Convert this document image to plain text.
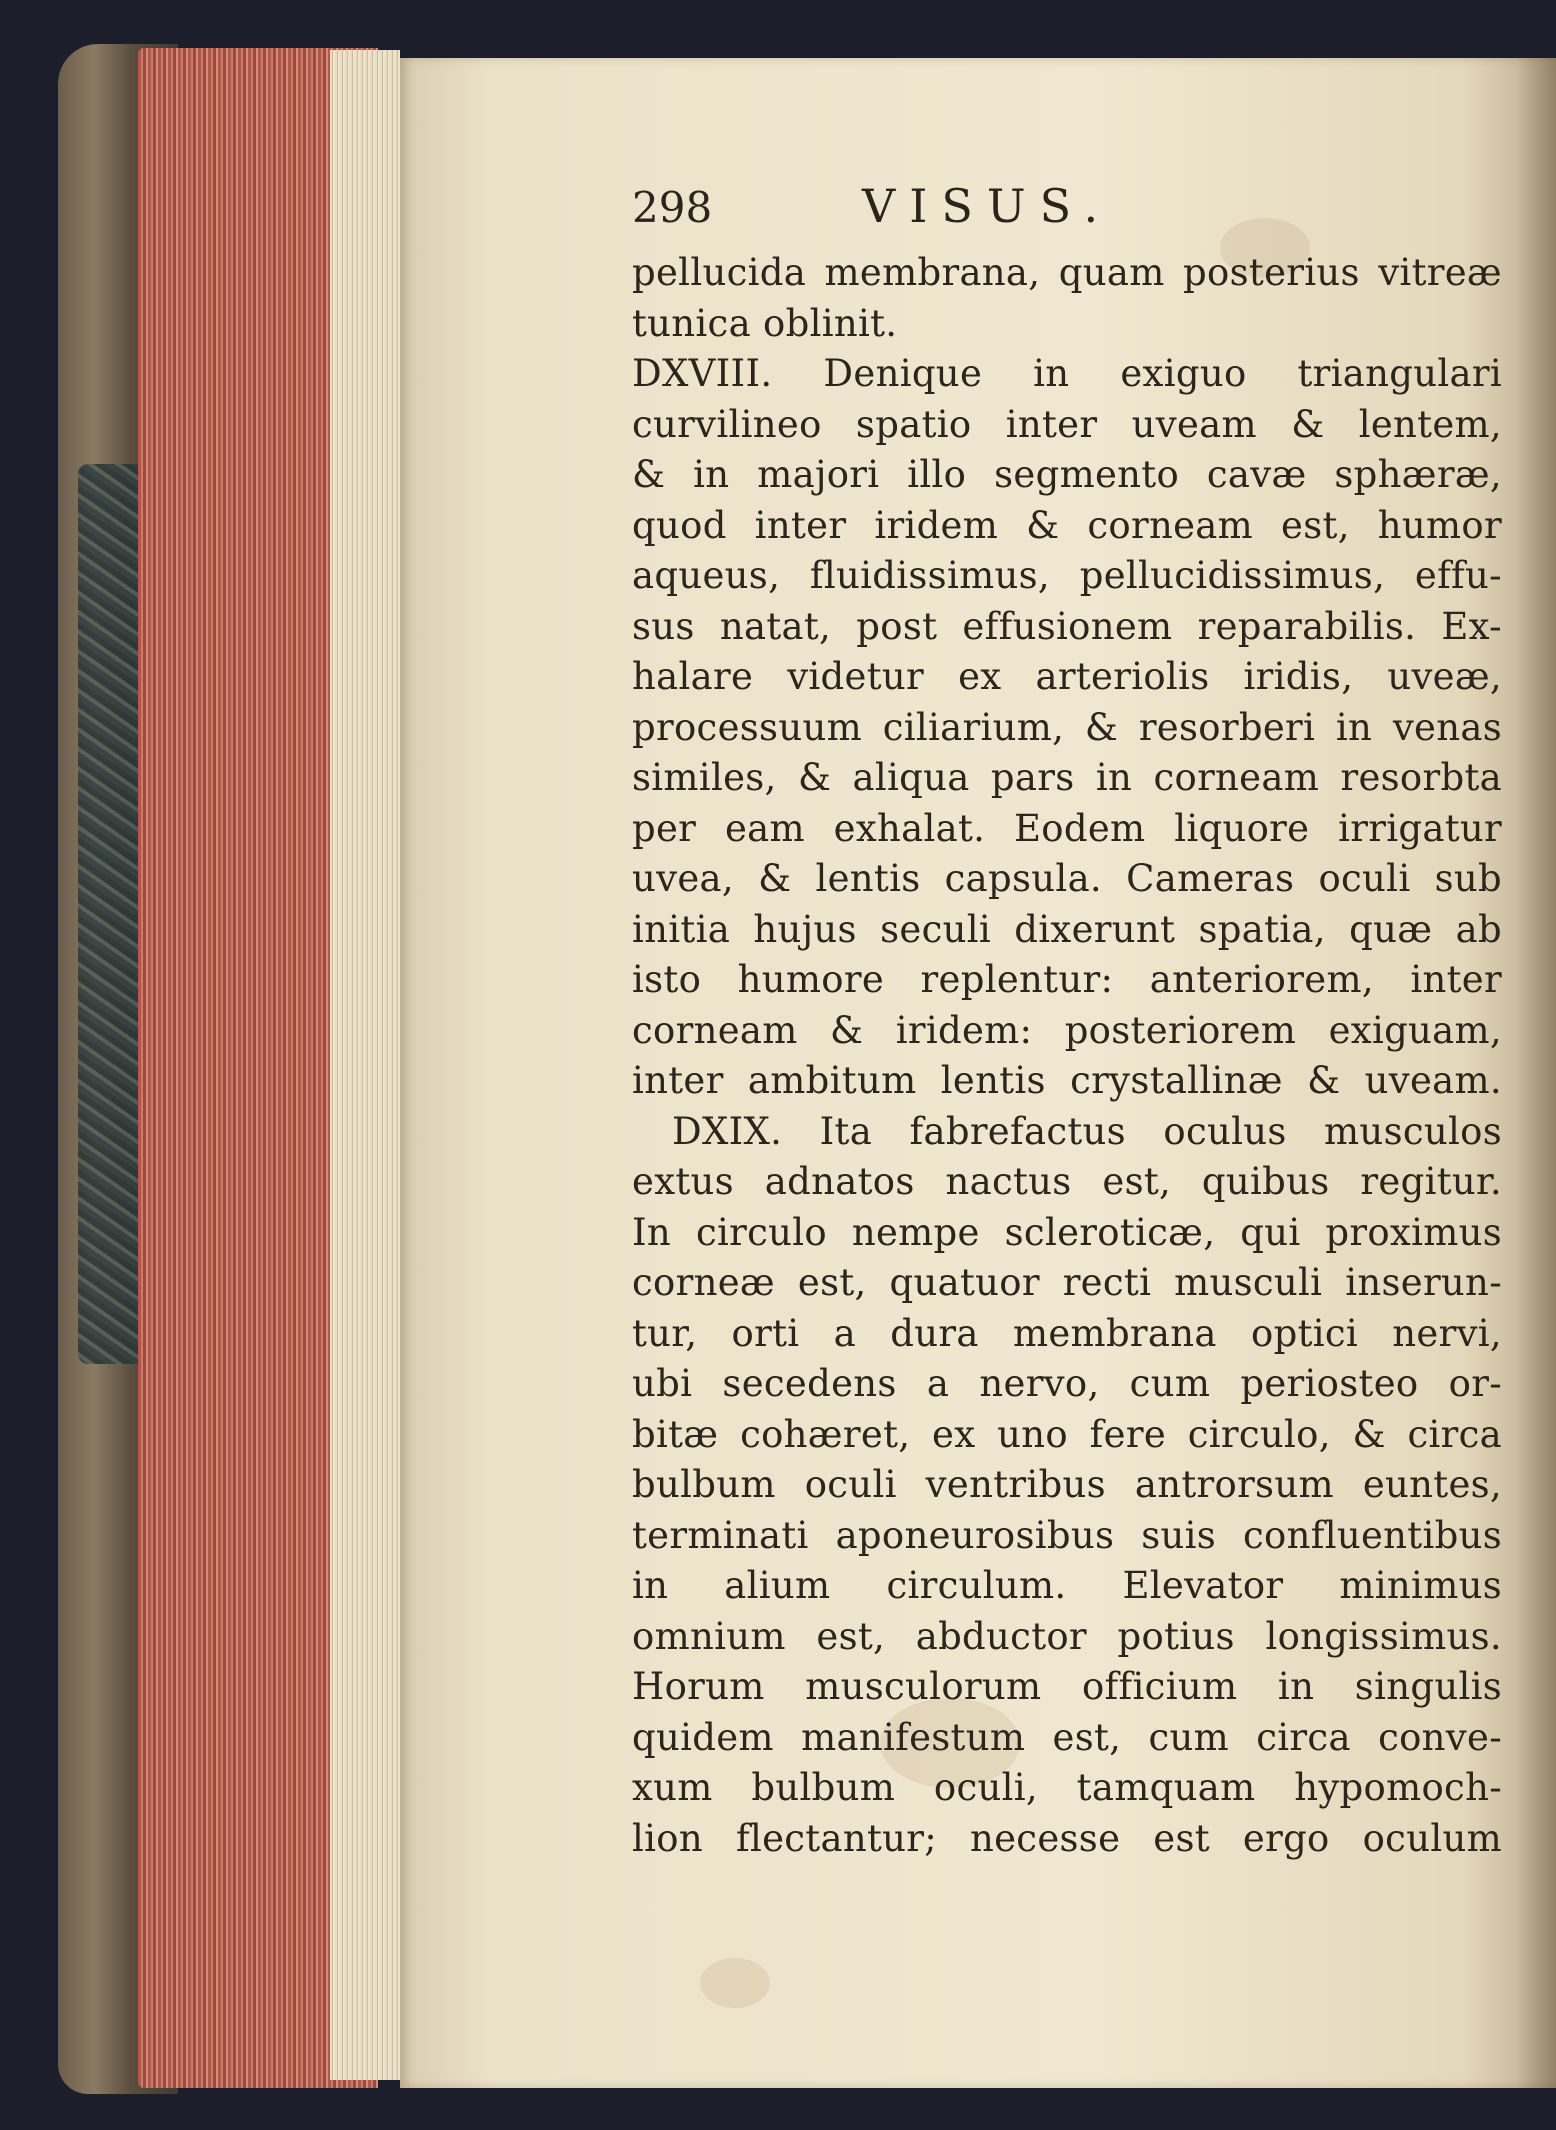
298	VISUS.
pellucida membrana, quam posterius vitreæ
tunica oblinit.
DXVIII. Denique in exiguo triangulari
curvilineo spatio inter uveam & lentem,
& in majori illo segmento cavæ sphæræ,
quod inter iridem & corneam est, humor
aqueus, fluidissimus, pellucidissimus, effu-
sus natat, post effusionem reparabilis. Ex-
halare videtur ex arteriolis iridis, uveæ,
processuum ciliarium, & resorberi in venas
similes, & aliqua pars in corneam resorbta
per eam exhalat. Eodem liquore irrigatur
uvea, & lentis capsula. Cameras oculi sub
initia hujus seculi dixerunt spatia, quæ ab
isto humore replentur: anteriorem, inter
corneam & iridem: posteriorem exiguam,
inter ambitum lentis crystallinæ & uveam.
DXIX. Ita fabrefactus oculus musculos
extus adnatos nactus est, quibus regitur.
In circulo nempe scleroticæ, qui proximus
corneæ est, quatuor recti musculi inserun-
tur, orti a dura membrana optici nervi,
ubi secedens a nervo, cum periosteo or-
bitæ cohæret, ex uno fere circulo, & circa
bulbum oculi ventribus antrorsum euntes,
terminati aponeurosibus suis confluentibus
in alium circulum. Elevator minimus
omnium est, abductor potius longissimus.
Horum musculorum officium in singulis
quidem manifestum est, cum circa conve-
xum bulbum oculi, tamquam hypomoch-
lion flectantur; necesse est ergo oculum
